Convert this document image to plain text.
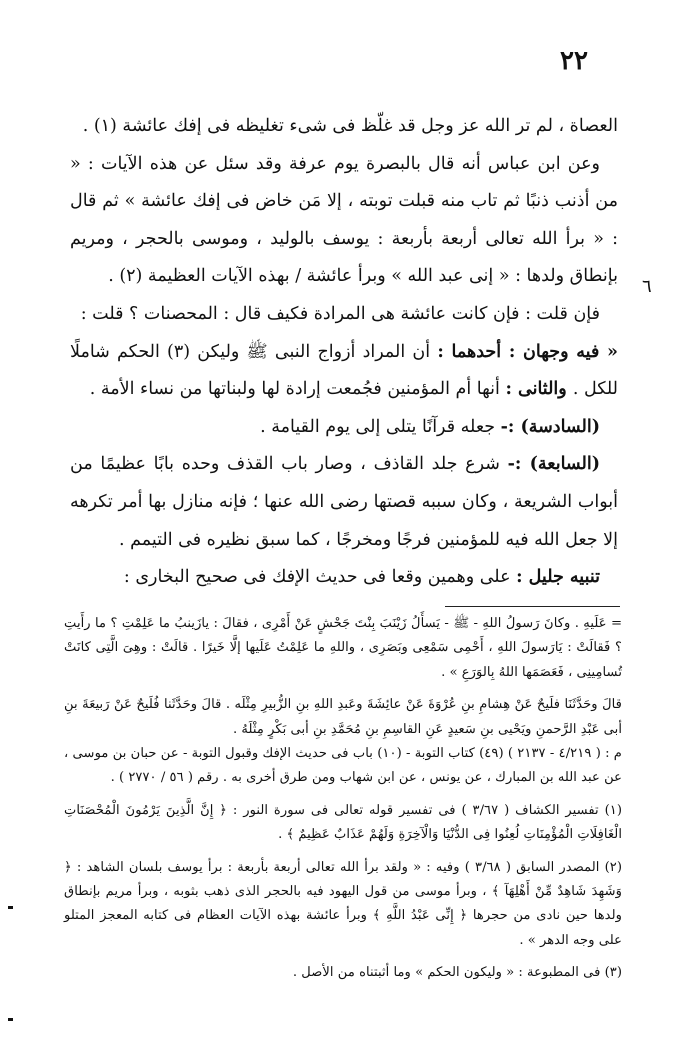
٢٢
٦

العصاة ، لم تر الله عز وجل قد غلّظ فى شىء تغليظه فى إفك عائشة (١) .

وعن ابن عباس أنه قال بالبصرة يوم عرفة وقد سئل عن هذه الآيات : « من أذنب ذنبًا ثم تاب منه قبلت توبته ، إلا مَن خاض فى إفك عائشة » ثم قال : « برأ الله تعالى أربعة بأربعة : يوسف بالوليد ، وموسى بالحجر ، ومريم بإنطاق ولدها : « إنى عبد الله » وبرأ عائشة / بهذه الآيات العظيمة (٢) .

فإن قلت : فإن كانت عائشة هى المرادة فكيف قال : المحصنات ؟ قلت :

« فيه وجهان : أحدهما : أن المراد أزواج النبى ﷺ وليكن (٣) الحكم شاملًا للكل . والثانى : أنها أم المؤمنين فجُمعت إرادة لها ولبناتها من نساء الأمة .

(السادسة) :- جعله قرآنًا يتلى إلى يوم القيامة .

(السابعة) :- شرع جلد القاذف ، وصار باب القذف وحده بابًا عظيمًا من أبواب الشريعة ، وكان سببه قصتها رضى الله عنها ؛ فإنه منازل بها أمر تكرهه إلا جعل الله فيه للمؤمنين فرجًا ومخرجًا ، كما سبق نظيره فى التيمم .

تنبيه جليل : على وهمين وقعا فى حديث الإفك فى صحيح البخارى :

= عَلَيهِ . وكانَ رَسولُ اللهِ - ﷺ - يَسأَلُ زَيْنَبَ بِنْتَ جَحْشٍ عَنْ أَمْرِى ، فقالَ : يازَينبُ ما عَلِمْتِ ؟ ما رأَيتِ ؟ فَقالَتْ : يَارَسولَ اللهِ ، أَحْمِى سَمْعِى وبَصَرِى ، واللهِ ما عَلِمْتُ عَلَيها إلَّا خَيرًا . قالَتْ : وهِىَ الَّتِى كانَتْ تُسامِينِى ، فَعَصَمَها اللهُ بِالوَرَعِ » .

قالَ وحَدَّثَنَا فلَيحٌ عَنْ هِشامِ بنِ عُرْوَةَ عَنْ عائِشَةَ وعَبدِ اللهِ بنِ الزُّبيرِ مِثْلَه . قالَ وحَدَّثَنا فُلَيحٌ عَنْ رَبيعَةَ بنِ أبى عَبْدِ الرَّحمنِ ويَحْيى بنِ سَعيدٍ عَنِ القاسِمِ بنِ مُحَمَّدِ بنِ أبى بَكْرٍ مِثْلَهُ .

م : ( ٤/٢١٩ - ٢١٣٧ ) (٤٩) كتاب التوبة - (١٠) باب فى حديث الإفك وقبول التوبة - عن حبان بن موسى ، عن عبد الله بن المبارك ، عن يونس ، عن ابن شهاب ومن طرق أخرى به . رقم ( ٥٦ / ٢٧٧٠ ) .

(١) تفسير الكشاف ( ٣/٦٧ ) فى تفسير قوله تعالى فى سورة النور : ﴿ إِنَّ الَّذِينَ يَرْمُونَ الْمُحْصَنَاتِ الْغَافِلَاتِ الْمُؤْمِنَاتِ لُعِنُوا فِى الدُّنْيَا وَالْآخِرَةِ وَلَهُمْ عَذَابٌ عَظِيمٌ ﴾ .

(٢) المصدر السابق ( ٣/٦٨ ) وفيه : « ولقد برأ الله تعالى أربعة بأربعة : برأ يوسف بلسان الشاهد : ﴿ وَشَهِدَ شَاهِدٌ مِّنْ أَهْلِهَآ ﴾ ، وبرأ موسى من قول اليهود فيه بالحجر الذى ذهب بثوبه ، وبرأ مريم بإنطاق ولدها حين نادى من حجرها ﴿ إِنِّى عَبْدُ اللَّهِ ﴾ وبرأ عائشة بهذه الآيات العظام فى كتابه المعجز المتلو على وجه الدهر » .

(٣) فى المطبوعة : « وليكون الحكم » وما أثبتناه من الأصل .
